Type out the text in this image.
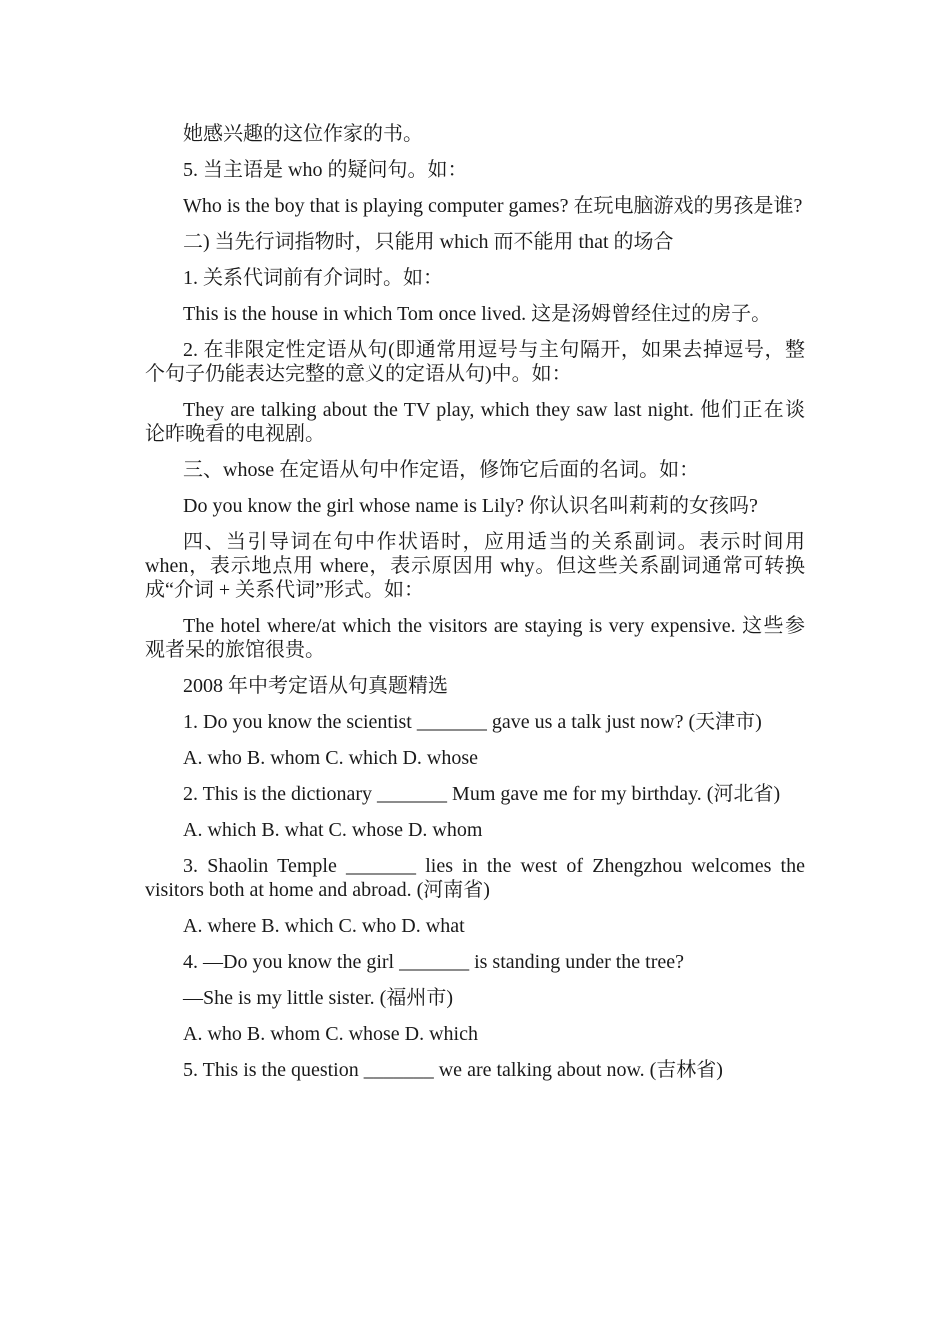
她感兴趣的这位作家的书。

5. 当主语是 who 的疑问句。如：

Who is the boy that is playing computer games? 在玩电脑游戏的男孩是谁?

二) 当先行词指物时，只能用 which 而不能用 that 的场合

1. 关系代词前有介词时。如：

This is the house in which Tom once lived. 这是汤姆曾经住过的房子。

2. 在非限定性定语从句(即通常用逗号与主句隔开，如果去掉逗号，整个句子仍能表达完整的意义的定语从句)中。如：

They are talking about the TV play, which they saw last night. 他们正在谈论昨晚看的电视剧。

三、whose 在定语从句中作定语，修饰它后面的名词。如：

Do you know the girl whose name is Lily? 你认识名叫莉莉的女孩吗?

四、当引导词在句中作状语时，应用适当的关系副词。表示时间用 when，表示地点用 where，表示原因用 why。但这些关系副词通常可转换成“介词 + 关系代词”形式。如：

The hotel where/at which the visitors are staying is very expensive. 这些参观者呆的旅馆很贵。

2008 年中考定语从句真题精选

1. Do you know the scientist _______ gave us a talk just now? (天津市)

A. who B. whom C. which D. whose

2. This is the dictionary _______ Mum gave me for my birthday. (河北省)

A. which B. what C. whose D. whom

3. Shaolin Temple _______ lies in the west of Zhengzhou welcomes the visitors both at home and abroad. (河南省)

A. where B. which C. who D. what

4. —Do you know the girl _______ is standing under the tree?

—She is my little sister. (福州市)

A. who B. whom C. whose D. which

5. This is the question _______ we are talking about now. (吉林省)
